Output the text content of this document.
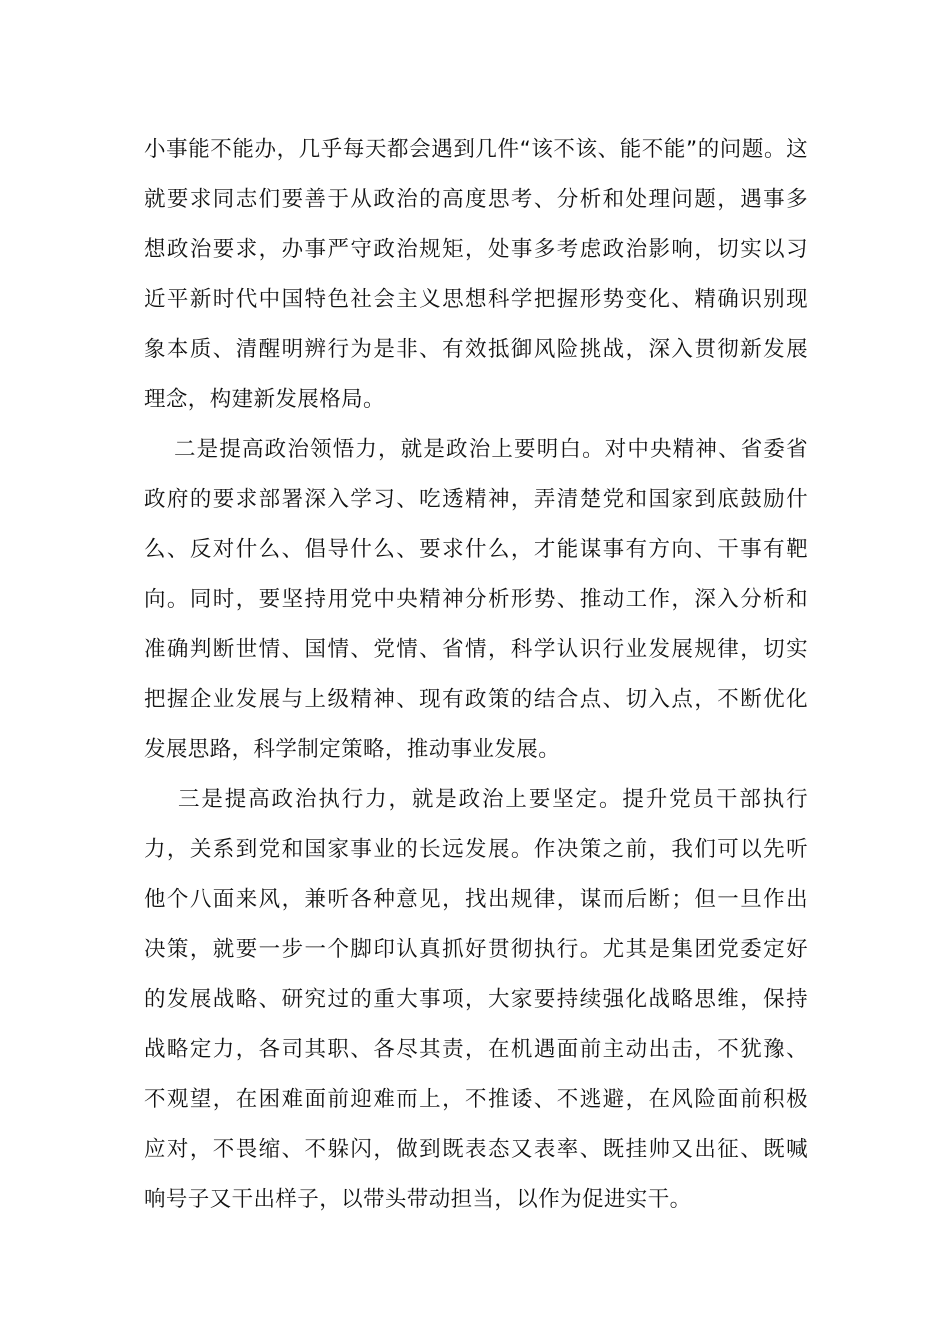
小事能不能办，几乎每天都会遇到几件“该不该、能不能”的问题。这
就要求同志们要善于从政治的高度思考、分析和处理问题，遇事多
想政治要求，办事严守政治规矩，处事多考虑政治影响，切实以习
近平新时代中国特色社会主义思想科学把握形势变化、精确识别现
象本质、清醒明辨行为是非、有效抵御风险挑战，深入贯彻新发展
理念，构建新发展格局。
二是提高政治领悟力，就是政治上要明白。对中央精神、省委省
政府的要求部署深入学习、吃透精神，弄清楚党和国家到底鼓励什
么、反对什么、倡导什么、要求什么，才能谋事有方向、干事有靶
向。同时，要坚持用党中央精神分析形势、推动工作，深入分析和
准确判断世情、国情、党情、省情，科学认识行业发展规律，切实
把握企业发展与上级精神、现有政策的结合点、切入点，不断优化
发展思路，科学制定策略，推动事业发展。
三是提高政治执行力，就是政治上要坚定。提升党员干部执行
力，关系到党和国家事业的长远发展。作决策之前，我们可以先听
他个八面来风，兼听各种意见，找出规律，谋而后断；但一旦作出
决策，就要一步一个脚印认真抓好贯彻执行。尤其是集团党委定好
的发展战略、研究过的重大事项，大家要持续强化战略思维，保持
战略定力，各司其职、各尽其责，在机遇面前主动出击，不犹豫、
不观望，在困难面前迎难而上，不推诿、不逃避，在风险面前积极
应对，不畏缩、不躲闪，做到既表态又表率、既挂帅又出征、既喊
响号子又干出样子，以带头带动担当，以作为促进实干。
